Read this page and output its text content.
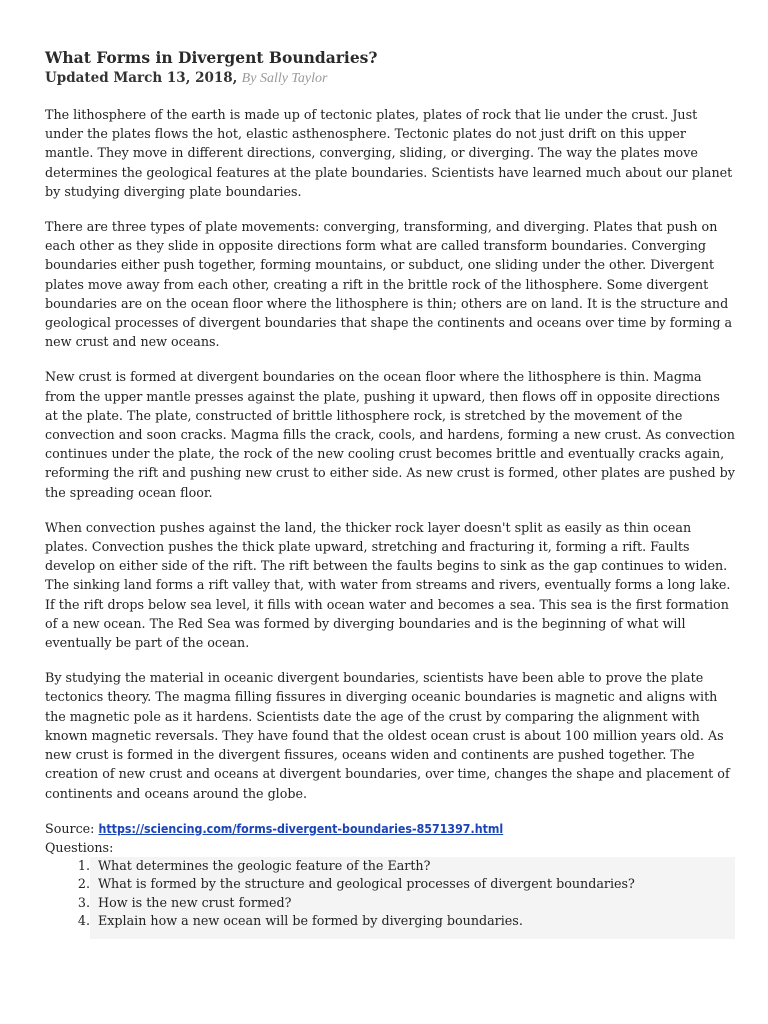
What Forms in Divergent Boundaries?

Updated March 13, 2018, By Sally Taylor

The lithosphere of the earth is made up of tectonic plates, plates of rock that lie under the crust. Just under the plates flows the hot, elastic asthenosphere. Tectonic plates do not just drift on this upper mantle. They move in different directions, converging, sliding, or diverging. The way the plates move determines the geological features at the plate boundaries. Scientists have learned much about our planet by studying diverging plate boundaries.

There are three types of plate movements: converging, transforming, and diverging. Plates that push on each other as they slide in opposite directions form what are called transform boundaries. Converging boundaries either push together, forming mountains, or subduct, one sliding under the other. Divergent plates move away from each other, creating a rift in the brittle rock of the lithosphere. Some divergent boundaries are on the ocean floor where the lithosphere is thin; others are on land. It is the structure and geological processes of divergent boundaries that shape the continents and oceans over time by forming a new crust and new oceans.

New crust is formed at divergent boundaries on the ocean floor where the lithosphere is thin. Magma from the upper mantle presses against the plate, pushing it upward, then flows off in opposite directions at the plate. The plate, constructed of brittle lithosphere rock, is stretched by the movement of the convection and soon cracks. Magma fills the crack, cools, and hardens, forming a new crust. As convection continues under the plate, the rock of the new cooling crust becomes brittle and eventually cracks again, reforming the rift and pushing new crust to either side. As new crust is formed, other plates are pushed by the spreading ocean floor.

When convection pushes against the land, the thicker rock layer doesn't split as easily as thin ocean plates. Convection pushes the thick plate upward, stretching and fracturing it, forming a rift. Faults develop on either side of the rift. The rift between the faults begins to sink as the gap continues to widen. The sinking land forms a rift valley that, with water from streams and rivers, eventually forms a long lake. If the rift drops below sea level, it fills with ocean water and becomes a sea. This sea is the first formation of a new ocean. The Red Sea was formed by diverging boundaries and is the beginning of what will eventually be part of the ocean.

By studying the material in oceanic divergent boundaries, scientists have been able to prove the plate tectonics theory. The magma filling fissures in diverging oceanic boundaries is magnetic and aligns with the magnetic pole as it hardens. Scientists date the age of the crust by comparing the alignment with known magnetic reversals. They have found that the oldest ocean crust is about 100 million years old. As new crust is formed in the divergent fissures, oceans widen and continents are pushed together. The creation of new crust and oceans at divergent boundaries, over time, changes the shape and placement of continents and oceans around the globe.

Source: https://sciencing.com/forms-divergent-boundaries-8571397.html

Questions:

1. What determines the geologic feature of the Earth?
2. What is formed by the structure and geological processes of divergent boundaries?
3. How is the new crust formed?
4. Explain how a new ocean will be formed by diverging boundaries.
